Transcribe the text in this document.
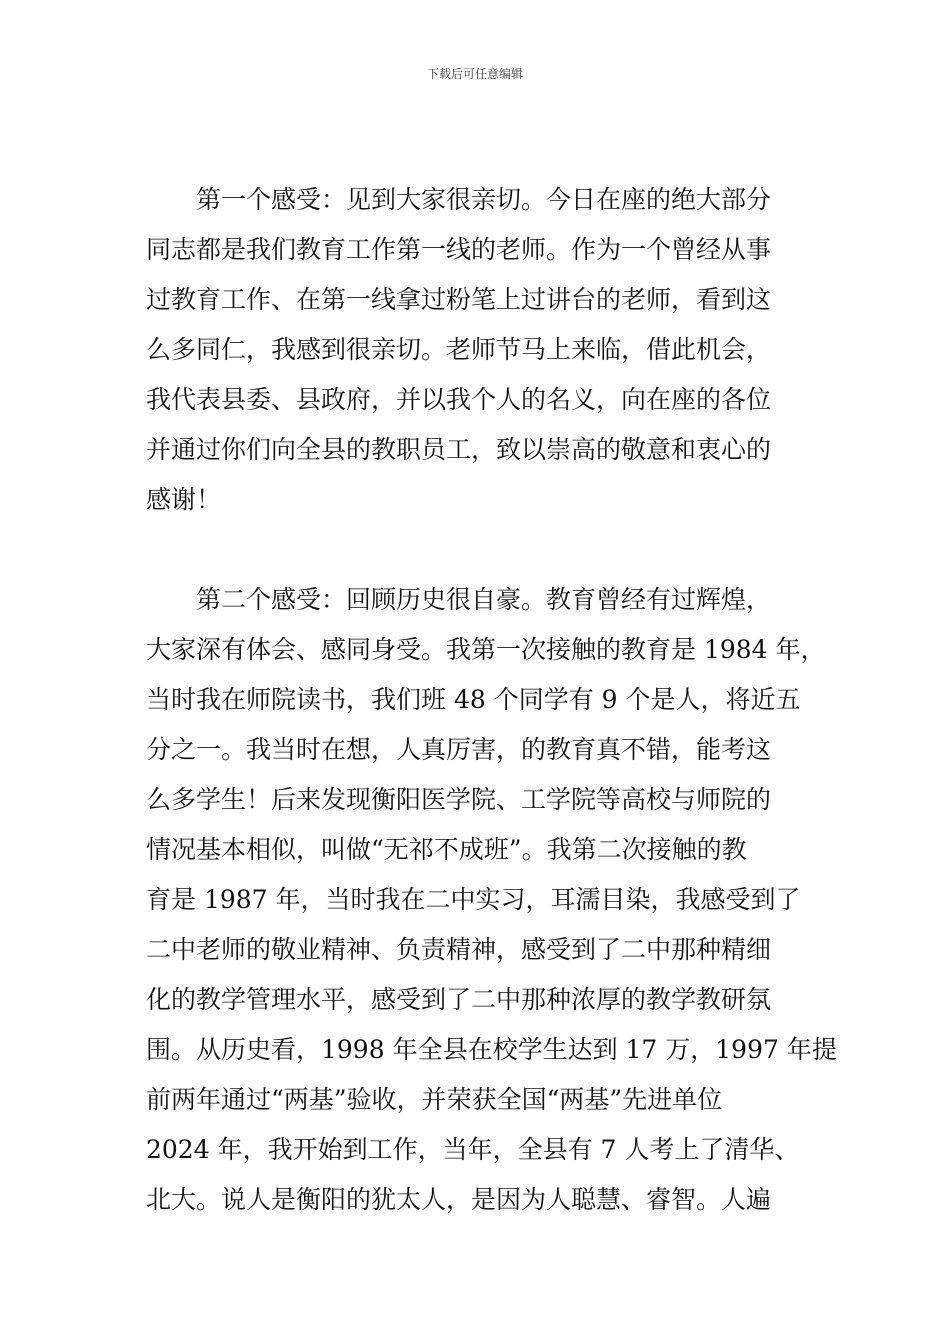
下载后可任意编辑
第一个感受：见到大家很亲切。今日在座的绝大部分
同志都是我们教育工作第一线的老师。作为一个曾经从事
过教育工作、在第一线拿过粉笔上过讲台的老师，看到这
么多同仁，我感到很亲切。老师节马上来临，借此机会，
我代表县委、县政府，并以我个人的名义，向在座的各位
并通过你们向全县的教职员工，致以崇高的敬意和衷心的
感谢！
第二个感受：回顾历史很自豪。教育曾经有过辉煌，
大家深有体会、感同身受。我第一次接触的教育是 1984 年，
当时我在师院读书，我们班 48 个同学有 9 个是人，将近五
分之一。我当时在想，人真厉害，的教育真不错，能考这
么多学生！后来发现衡阳医学院、工学院等高校与师院的
情况基本相似，叫做“无祁不成班”。我第二次接触的教
育是 1987 年，当时我在二中实习，耳濡目染，我感受到了
二中老师的敬业精神、负责精神，感受到了二中那种精细
化的教学管理水平，感受到了二中那种浓厚的教学教研氛
围。从历史看，1998 年全县在校学生达到 17 万，1997 年提
前两年通过“两基”验收，并荣获全国“两基”先进单位
2024 年，我开始到工作，当年，全县有 7 人考上了清华、
北大。说人是衡阳的犹太人，是因为人聪慧、睿智。人遍
